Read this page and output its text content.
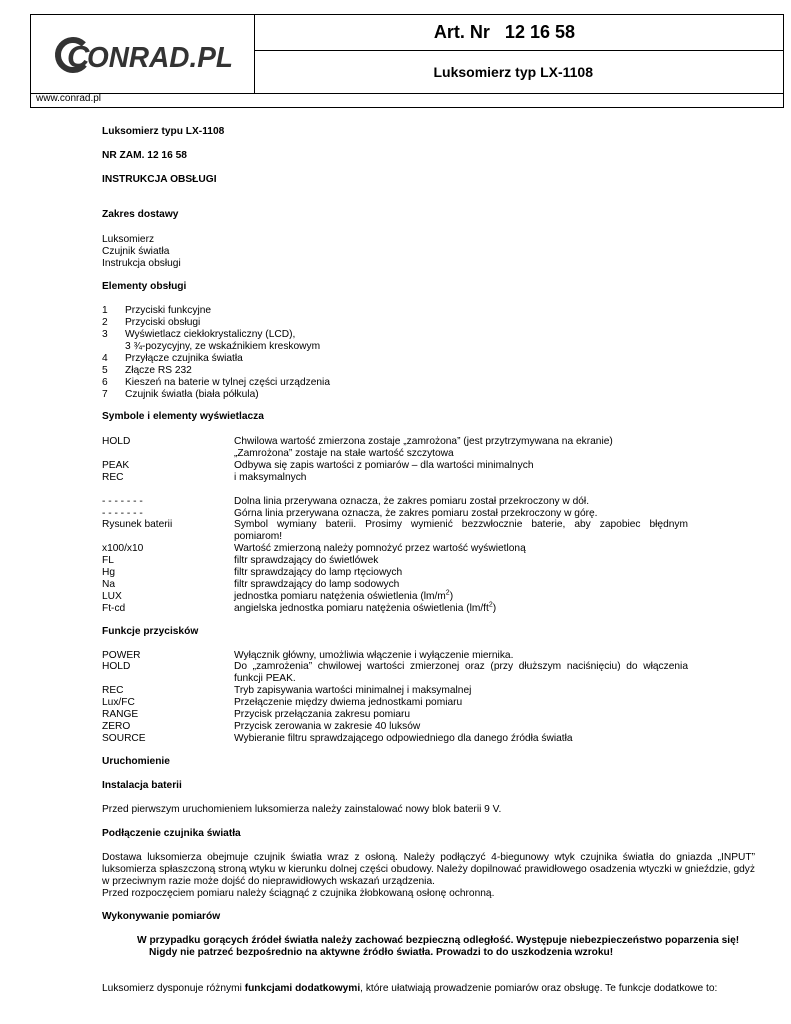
C
ONRAD.PL
Art. Nr   12 16 58
Luksomierz typ LX-1108
www.conrad.pl
Luksomierz typu LX-1108
NR ZAM. 12 16 58
INSTRUKCJA OBSŁUGI
Zakres dostawy
Luksomierz
Czujnik światła
Instrukcja obsługi
Elementy obsługi
1 Przyciski funkcyjne
2 Przyciski obsługi
3 Wyświetlacz ciekłokrystaliczny (LCD),
3 ¾-pozycyjny, ze wskaźnikiem kreskowym
4 Przyłącze czujnika światła
5 Złącze RS 232
6 Kieszeń na baterie w tylnej części urządzenia
7 Czujnik światła (biała półkula)
Symbole i elementy wyświetlacza
HOLD	Chwilowa wartość zmierzona zostaje „zamrożona” (jest przytrzymywana na ekranie)
„Zamrożona” zostaje na stałe wartość szczytowa
PEAK	Odbywa się zapis wartości z pomiarów – dla wartości minimalnych
REC	i maksymalnych
- - - - - - -	Dolna linia przerywana oznacza, że zakres pomiaru został przekroczony w dół.
- - - - - - -	Górna linia przerywana oznacza, że zakres pomiaru został przekroczony w górę.
Rysunek baterii	Symbol wymiany baterii. Prosimy wymienić bezzwłocznie baterie, aby zapobiec błędnym
pomiarom!
x100/x10	Wartość zmierzoną należy pomnożyć przez wartość wyświetloną
FL	filtr sprawdzający do świetlówek
Hg	filtr sprawdzający do lamp rtęciowych
Na	filtr sprawdzający do lamp sodowych
LUX	jednostka pomiaru natężenia oświetlenia $(lm/m^2)$
Ft-cd	angielska jednostka pomiaru natężenia oświetlenia $(lm/ft^2)$
Funkcje przycisków
POWER	Wyłącznik główny, umożliwia włączenie i wyłączenie miernika.
HOLD	Do „zamrożenia” chwilowej wartości zmierzonej oraz (przy dłuższym naciśnięciu) do włączenia
funkcji PEAK.
REC	Tryb zapisywania wartości minimalnej i maksymalnej
Lux/FC	Przełączenie między dwiema jednostkami pomiaru
RANGE	Przycisk przełączania zakresu pomiaru
ZERO	Przycisk zerowania w zakresie 40 luksów
SOURCE	Wybieranie filtru sprawdzającego odpowiedniego dla danego źródła światła
Uruchomienie
Instalacja baterii
Przed pierwszym uruchomieniem luksomierza należy zainstalować nowy blok baterii 9 V.
Podłączenie czujnika światła
Dostawa luksomierza obejmuje czujnik światła wraz z osłoną. Należy podłączyć 4-biegunowy wtyk czujnika światła do gniazda „INPUT” luksomierza spłaszczoną stroną wtyku w kierunku dolnej części obudowy. Należy dopilnować prawidłowego osadzenia wtyczki w gnieździe, gdyż w przeciwnym razie może dojść do nieprawidłowych wskazań urządzenia.
Przed rozpoczęciem pomiaru należy ściągnąć z czujnika żłobkowaną osłonę ochronną.
Wykonywanie pomiarów
W przypadku gorących źródeł światła należy zachować bezpieczną odległość. Występuje niebezpieczeństwo poparzenia się!
Nigdy nie patrzeć bezpośrednio na aktywne źródło światła. Prowadzi to do uszkodzenia wzroku!
Luksomierz dysponuje różnymi funkcjami dodatkowymi, które ułatwiają prowadzenie pomiarów oraz obsługę. Te funkcje dodatkowe to:
